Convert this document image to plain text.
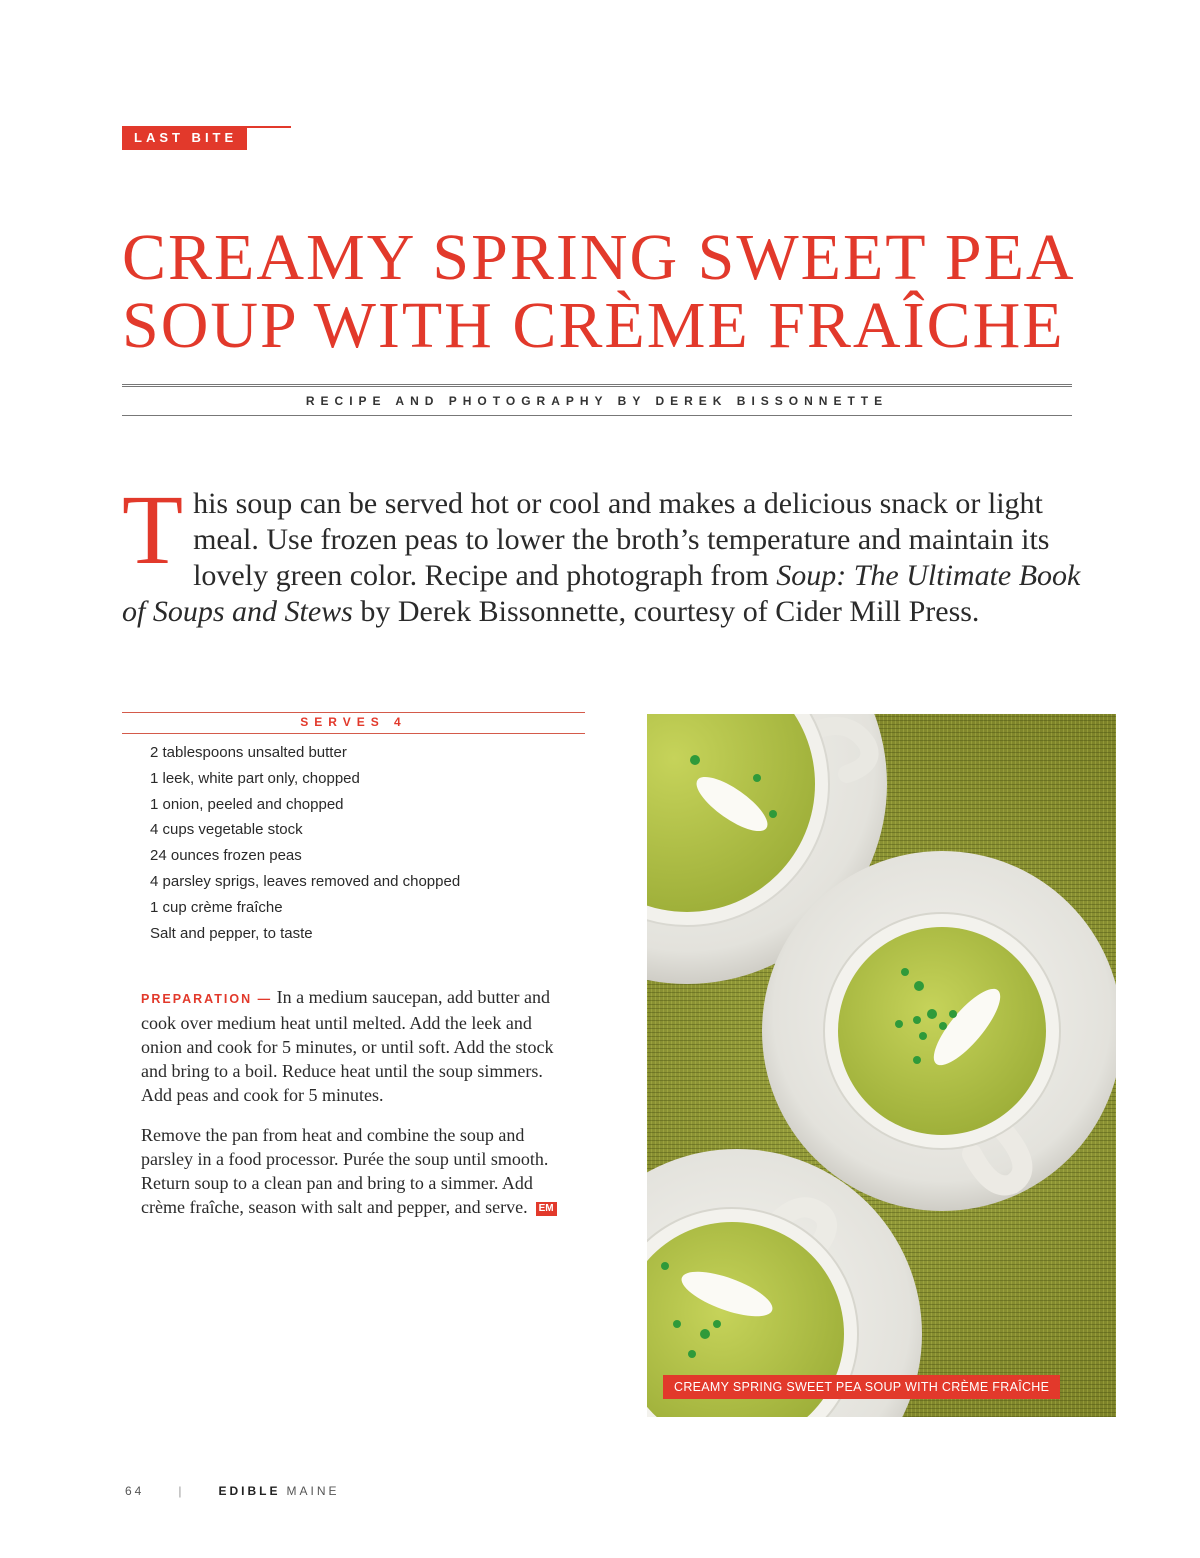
LAST BITE
CREAMY SPRING SWEET PEA
SOUP WITH CRÈME FRAÎCHE
RECIPE AND PHOTOGRAPHY BY DEREK BISSONNETTE
This soup can be served hot or cool and makes a delicious snack or light meal. Use frozen peas to lower the broth’s temperature and maintain its lovely green color. Recipe and photograph from Soup: The Ultimate Book of Soups and Stews by Derek Bissonnette, courtesy of Cider Mill Press.
SERVES 4
2 tablespoons unsalted butter
1 leek, white part only, chopped
1 onion, peeled and chopped
4 cups vegetable stock
24 ounces frozen peas
4 parsley sprigs, leaves removed and chopped
1 cup crème fraîche
Salt and pepper, to taste

PREPARATION — In a medium saucepan, add butter and cook over medium heat until melted. Add the leek and onion and cook for 5 minutes, or until soft. Add the stock and bring to a boil. Reduce heat until the soup simmers. Add peas and cook for 5 minutes.

Remove the pan from heat and combine the soup and parsley in a food processor. Purée the soup until smooth. Return soup to a clean pan and bring to a simmer. Add crème fraîche, season with salt and pepper, and serve. EM

CREAMY SPRING SWEET PEA SOUP WITH CRÈME FRAÎCHE
64	|	EDIBLE MAINE
